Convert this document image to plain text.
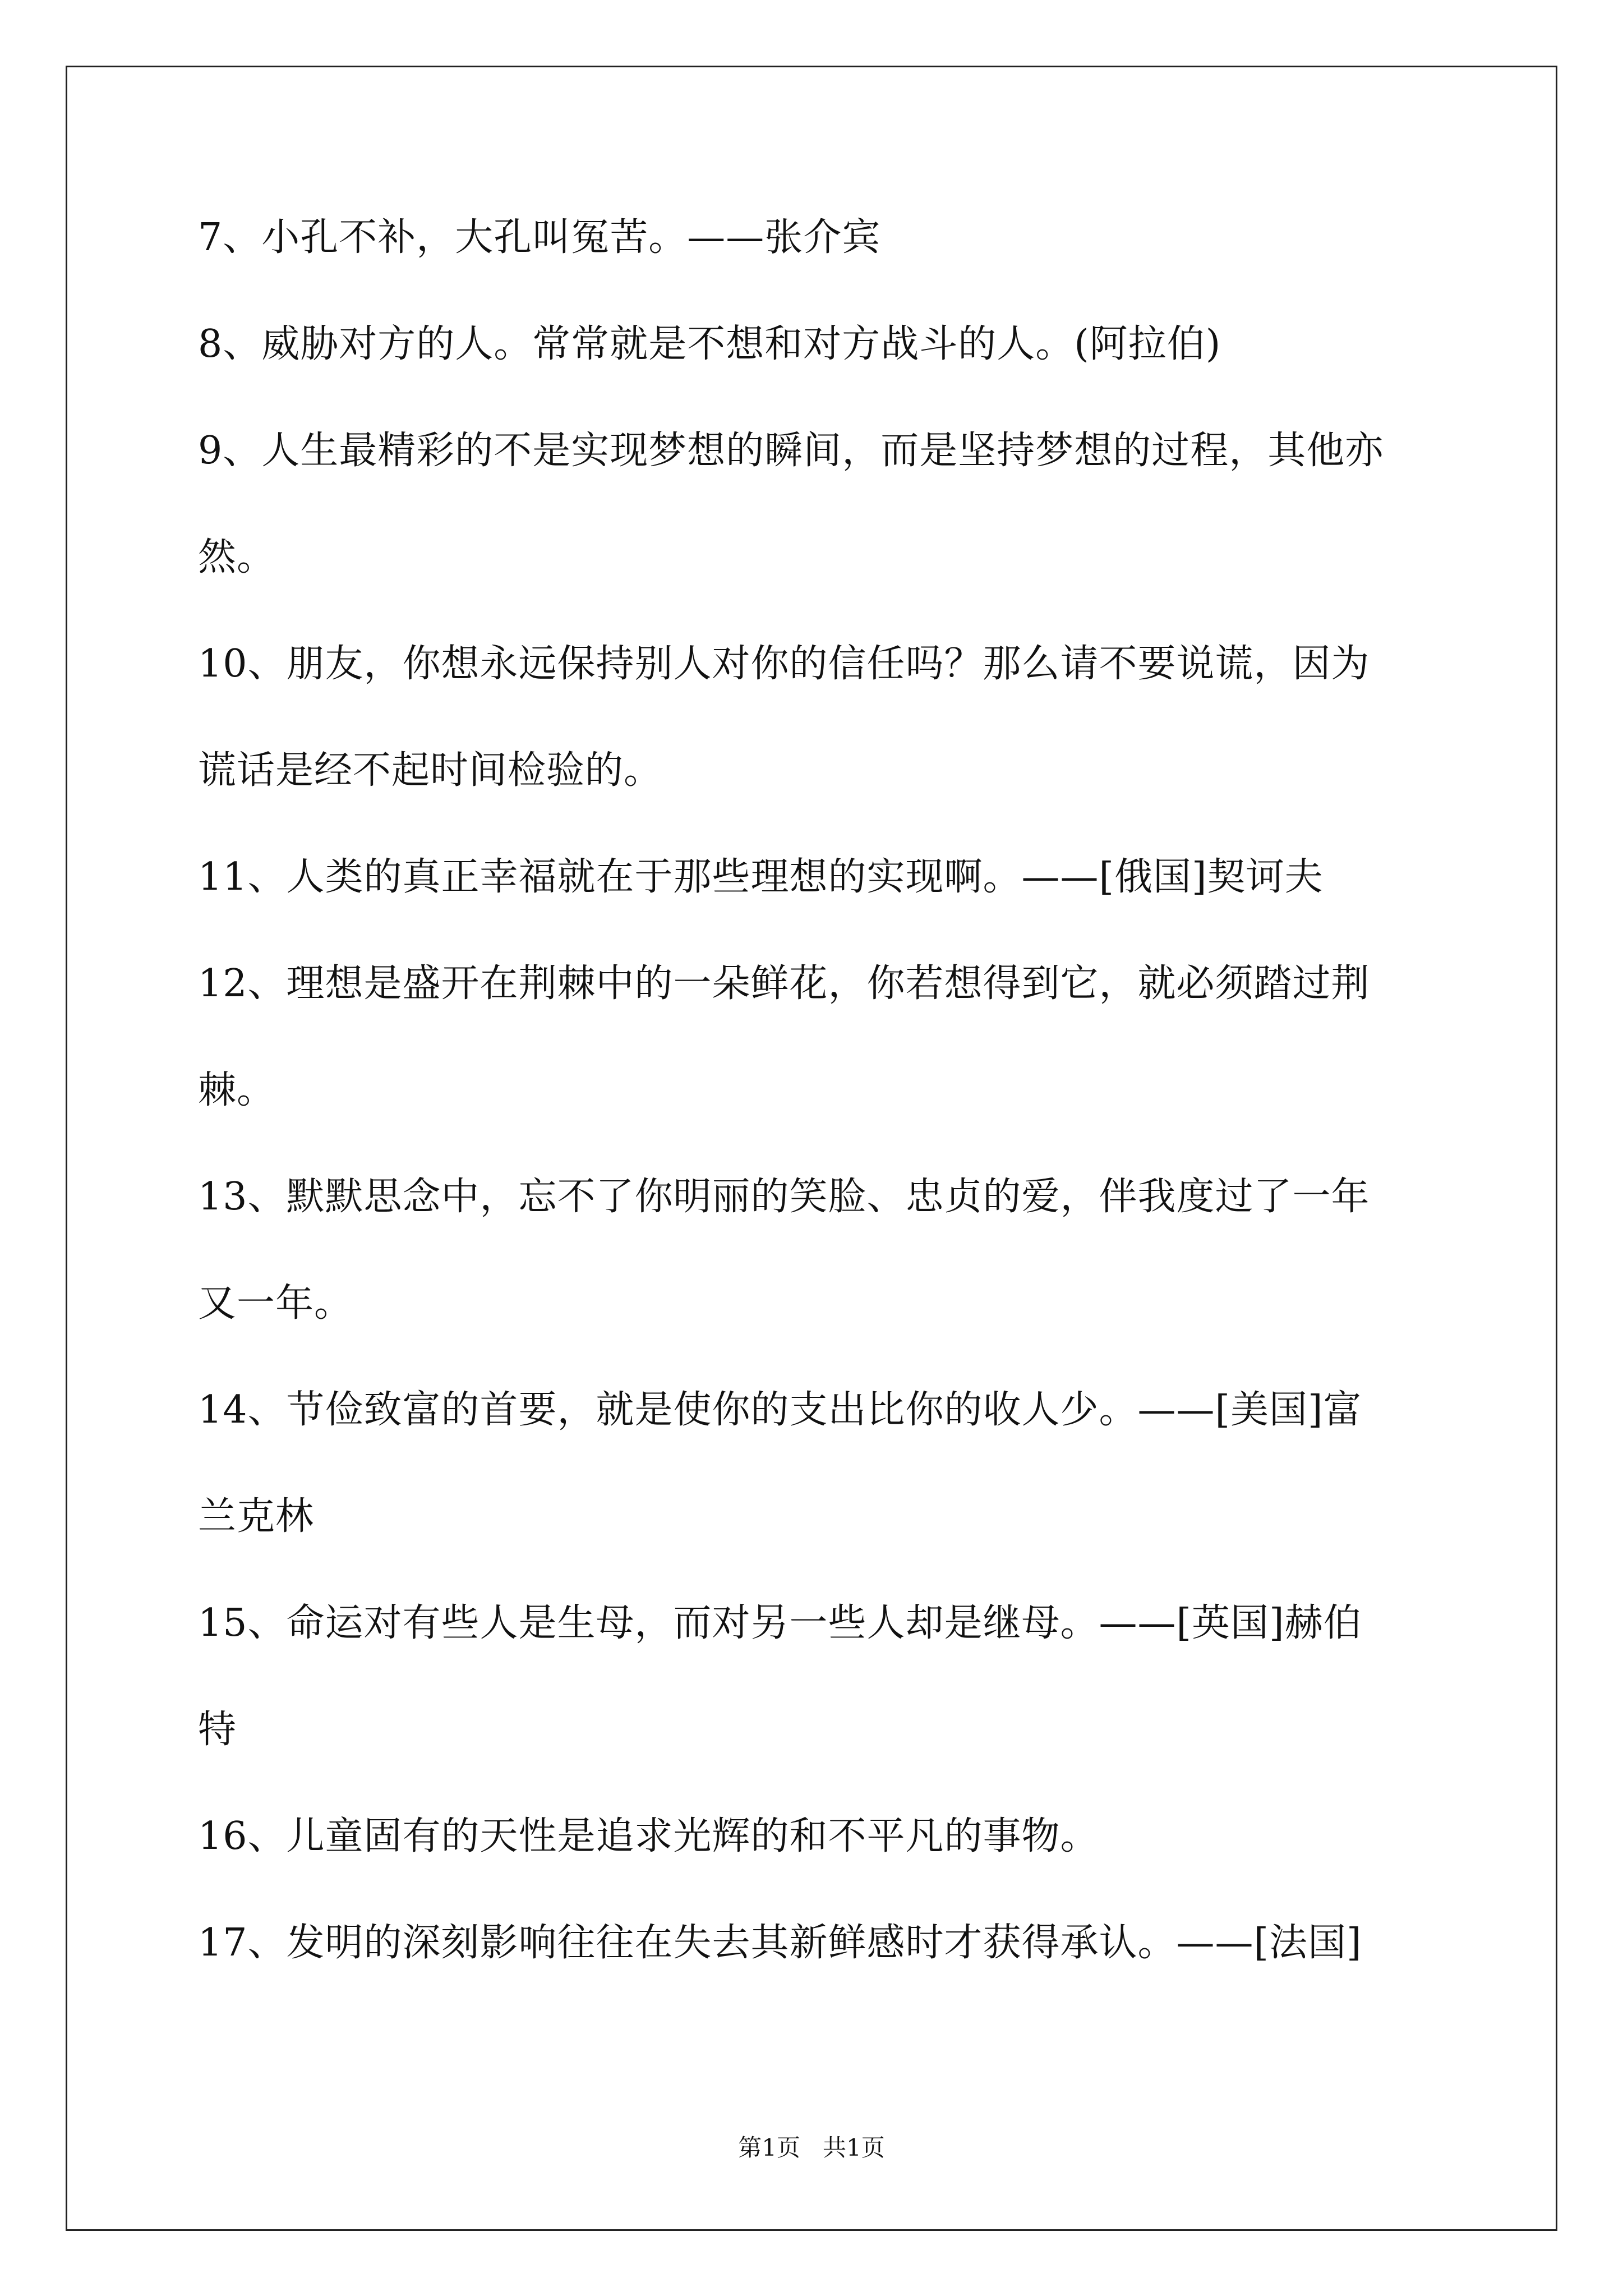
7、小孔不补，大孔叫冤苦。——张介宾
8、威胁对方的人。常常就是不想和对方战斗的人。(阿拉伯)
9、人生最精彩的不是实现梦想的瞬间，而是坚持梦想的过程，其他亦
然。
10、朋友，你想永远保持别人对你的信任吗？那么请不要说谎，因为
谎话是经不起时间检验的。
11、人类的真正幸福就在于那些理想的实现啊。——[俄国]契诃夫
12、理想是盛开在荆棘中的一朵鲜花，你若想得到它，就必须踏过荆
棘。
13、默默思念中，忘不了你明丽的笑脸、忠贞的爱，伴我度过了一年
又一年。
14、节俭致富的首要，就是使你的支出比你的收人少。——[美国]富
兰克林
15、命运对有些人是生母，而对另一些人却是继母。——[英国]赫伯
特
16、儿童固有的天性是追求光辉的和不平凡的事物。
17、发明的深刻影响往往在失去其新鲜感时才获得承认。——[法国]
第1页   共1页
